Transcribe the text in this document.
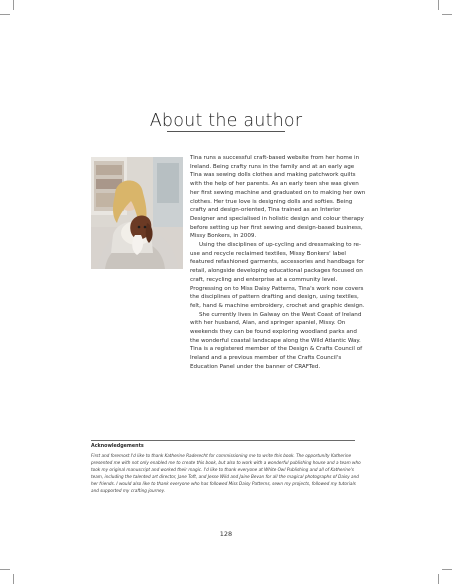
About the author

Tina runs a successful craft-based website from her home in Ireland. Being crafty runs in the family and at an early age Tina was sewing dolls clothes and making patchwork quilts with the help of her parents. As an early teen she was given her first sewing machine and graduated on to making her own clothes. Her true love is designing dolls and softies. Being crafty and design-oriented, Tina trained as an Interior Designer and specialised in holistic design and colour therapy before setting up her first sewing and design-based business, Missy Bonkers, in 2009.

Using the disciplines of up-cycling and dressmaking to re-use and recycle reclaimed textiles, Missy Bonkers' label featured refashioned garments, accessories and handbags for retail, alongside developing educational packages focused on craft, recycling and enterprise at a community level. Progressing on to Miss Daisy Patterns, Tina's work now covers the disciplines of pattern drafting and design, using textiles, felt, hand & machine embroidery, crochet and graphic design.

She currently lives in Galway on the West Coast of Ireland with her husband, Alan, and springer spaniel, Missy. On weekends they can be found exploring woodland parks and the wonderful coastal landscape along the Wild Atlantic Way. Tina is a registered member of the Design & Crafts Council of Ireland and a previous member of the Crafts Council's Education Panel under the banner of CRAFTed.

Acknowledgements

First and foremost I'd like to thank Katherine Raderecht for commissioning me to write this book. The opportunity Katherine presented me with not only enabled me to create this book, but also to work with a wonderful publishing house and a team who took my original manuscript and worked their magic. I'd like to thank everyone at White Owl Publishing and all of Katherine's team, including the talented art director, Jane Toft, and Jesse Wild and Jaine Bevan for all the magical photographs of Daisy and her friends. I would also like to thank everyone who has followed Miss Daisy Patterns, sewn my projects, followed my tutorials and supported my crafting journey.

128
